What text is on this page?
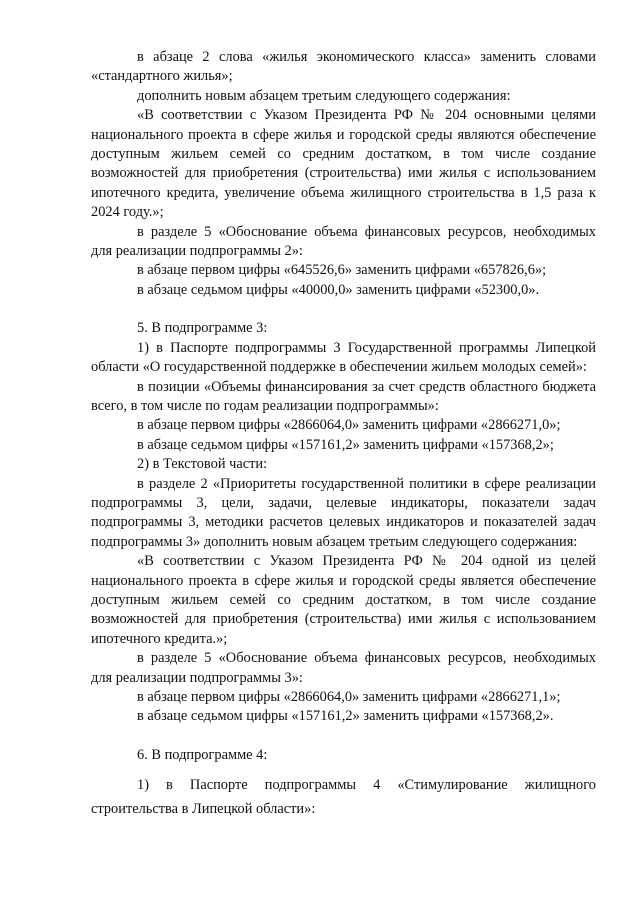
в абзаце 2 слова «жилья экономического класса» заменить словами «стандартного жилья»;

дополнить новым абзацем третьим следующего содержания:

«В соответствии с Указом Президента РФ № 204 основными целями национального проекта в сфере жилья и городской среды являются обеспечение доступным жильем семей со средним достатком, в том числе создание возможностей для приобретения (строительства) ими жилья с использованием ипотечного кредита, увеличение объема жилищного строительства в 1,5 раза к 2024 году.»;

в разделе 5 «Обоснование объема финансовых ресурсов, необходимых для реализации подпрограммы 2»:

в абзаце первом цифры «645526,6» заменить цифрами «657826,6»;

в абзаце седьмом цифры «40000,0» заменить цифрами «52300,0».

5. В подпрограмме 3:

1) в Паспорте подпрограммы 3 Государственной программы Липецкой области «О государственной поддержке в обеспечении жильем молодых семей»:

в позиции «Объемы финансирования за счет средств областного бюджета всего, в том числе по годам реализации подпрограммы»:

в абзаце первом цифры «2866064,0» заменить цифрами «2866271,0»;

в абзаце седьмом цифры «157161,2» заменить цифрами «157368,2»;

2) в Текстовой части:

в разделе 2 «Приоритеты государственной политики в сфере реализации подпрограммы 3, цели, задачи, целевые индикаторы, показатели задач подпрограммы 3, методики расчетов целевых индикаторов и показателей задач подпрограммы 3» дополнить новым абзацем третьим следующего содержания:

«В соответствии с Указом Президента РФ № 204 одной из целей национального проекта в сфере жилья и городской среды является обеспечение доступным жильем семей со средним достатком, в том числе создание возможностей для приобретения (строительства) ими жилья с использованием ипотечного кредита.»;

в разделе 5 «Обоснование объема финансовых ресурсов, необходимых для реализации подпрограммы 3»:

в абзаце первом цифры «2866064,0» заменить цифрами «2866271,1»;

в абзаце седьмом цифры «157161,2» заменить цифрами «157368,2».

6. В подпрограмме 4:

1) в Паспорте подпрограммы 4 «Стимулирование жилищного строительства в Липецкой области»:
